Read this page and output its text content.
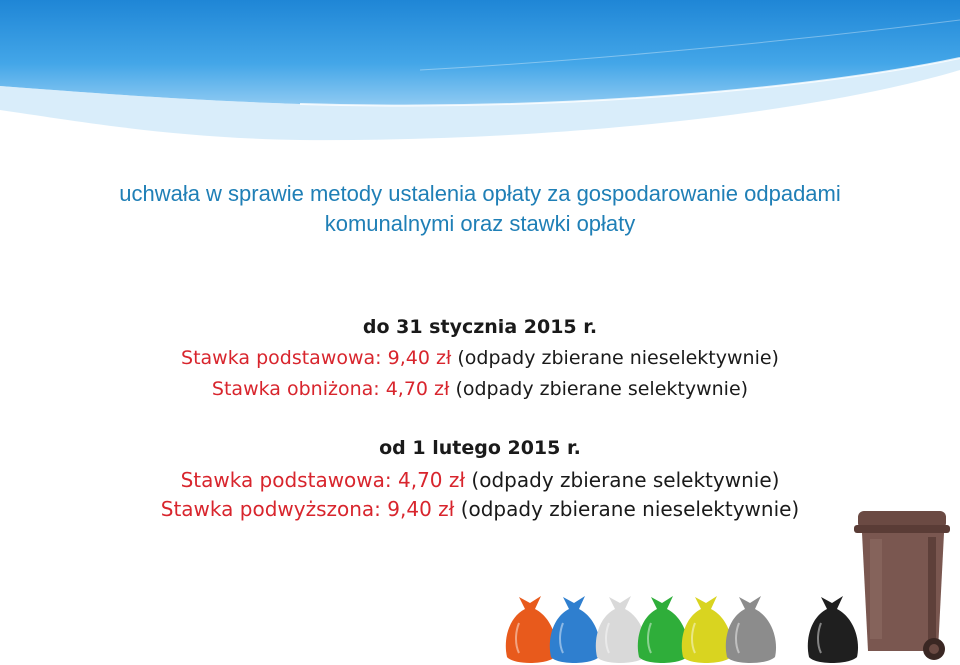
uchwała w sprawie metody ustalenia opłaty za gospodarowanie odpadami
komunalnymi oraz stawki opłaty
do 31 stycznia 2015 r.
Stawka podstawowa: 9,40 zł (odpady zbierane nieselektywnie)
Stawka obniżona: 4,70 zł (odpady zbierane selektywnie)
od 1 lutego 2015 r.
Stawka podstawowa: 4,70 zł (odpady zbierane selektywnie)
Stawka podwyższona: 9,40 zł (odpady zbierane nieselektywnie)
